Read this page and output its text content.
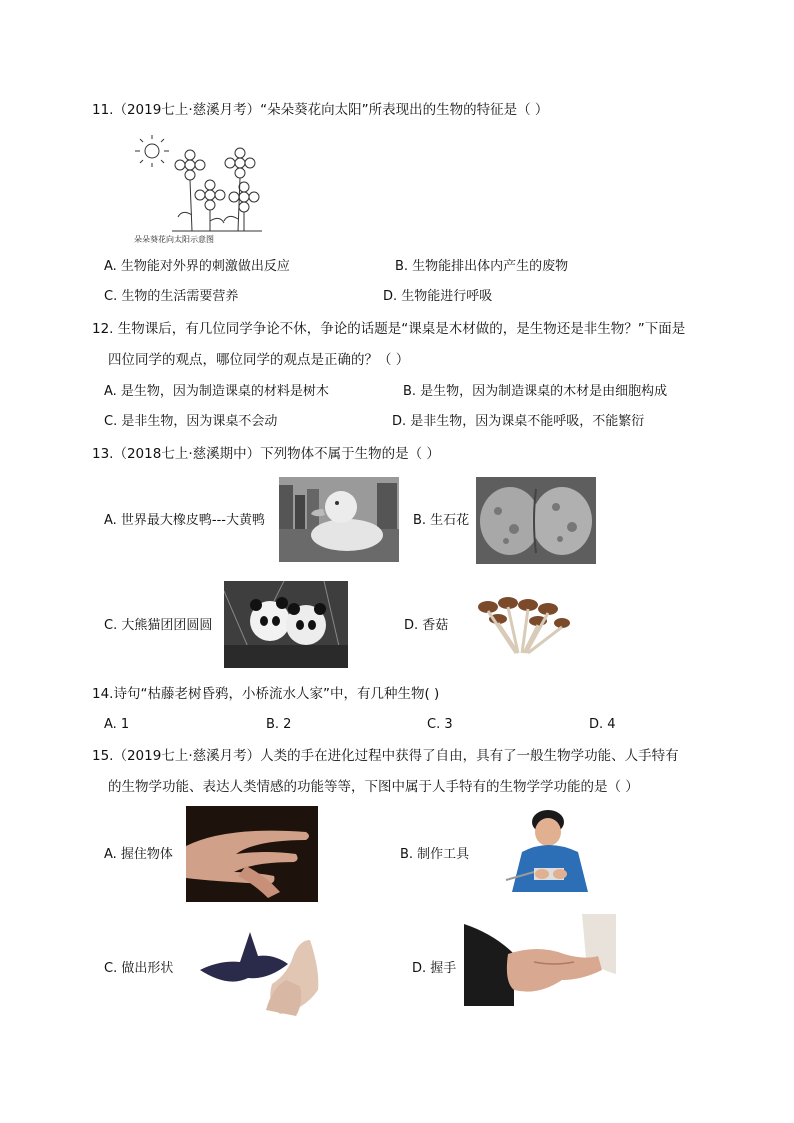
11.（2019七上·慈溪月考）“朵朵葵花向太阳”所表现出的生物的特征是（ ）
朵朵葵花向太阳示意图
A. 生物能对外界的刺激做出反应	B. 生物能排出体内产生的废物
C. 生物的生活需要营养	D. 生物能进行呼吸
12. 生物课后，有几位同学争论不休，争论的话题是“课桌是木材做的，是生物还是非生物？”下面是
四位同学的观点，哪位同学的观点是正确的？（ ）
A. 是生物，因为制造课桌的材料是树木	B. 是生物，因为制造课桌的木材是由细胞构成
C. 是非生物，因为课桌不会动	D. 是非生物，因为课桌不能呼吸，不能繁衍
13.（2018七上·慈溪期中）下列物体不属于生物的是（ ）
A. 世界最大橡皮鸭---大黄鸭	B. 生石花
C. 大熊猫团团圆圆	D. 香菇
14.诗句“枯藤老树昏鸦，小桥流水人家”中，有几种生物( )
A. 1	B. 2	C. 3	D. 4
15.（2019七上·慈溪月考）人类的手在进化过程中获得了自由，具有了一般生物学功能、人手特有
的生物学功能、表达人类情感的功能等等，下图中属于人手特有的生物学学功能的是（ ）
A. 握住物体	B. 制作工具
C. 做出形状	D. 握手
